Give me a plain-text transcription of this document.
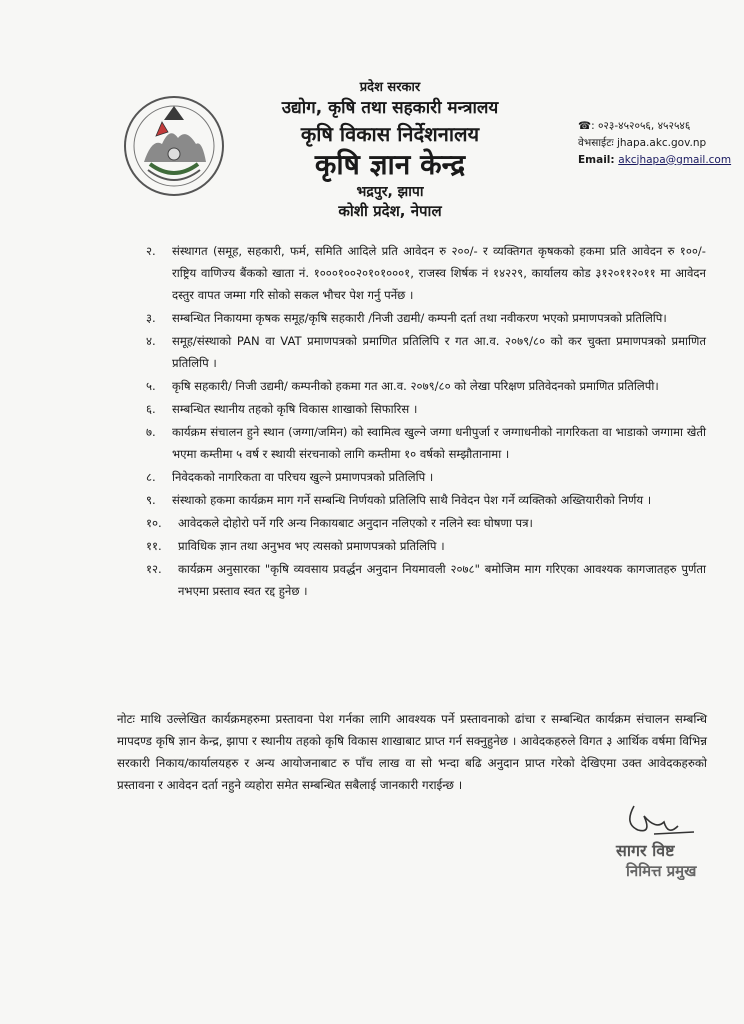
प्रदेश सरकार
उद्योग, कृषि तथा सहकारी मन्त्रालय
कृषि विकास निर्देशनालय
कृषि ज्ञान केन्द्र
भद्रपुर, झापा
कोशी प्रदेश, नेपाल
☎: ०२३-४५२०५६, ४५२५४६
वेभसाईटः jhapa.akc.gov.np
Email: akcjhapa@gmail.com
२.	संस्थागत (समूह, सहकारी, फर्म, समिति आदिले प्रति आवेदन रु २००/- र व्यक्तिगत कृषकको हकमा प्रति आवेदन रु १००/- राष्ट्रिय वाणिज्य बैंकको खाता नं. १०००१००२०१०१०००१, राजस्व शिर्षक नं १४२२९, कार्यालय कोड ३१२०११२०११ मा आवेदन दस्तुर वापत जम्मा गरि सोको सकल भौचर पेश गर्नु पर्नेछ ।
३.	सम्बन्धित निकायमा कृषक समूह/कृषि सहकारी /निजी उद्यमी/ कम्पनी दर्ता तथा नवीकरण भएको प्रमाणपत्रको प्रतिलिपि।
४.	समूह/संस्थाको PAN वा VAT प्रमाणपत्रको प्रमाणित प्रतिलिपि र गत आ.व. २०७९/८० को कर चुक्ता प्रमाणपत्रको प्रमाणित प्रतिलिपि ।
५.	कृषि सहकारी/ निजी उद्यमी/ कम्पनीको हकमा गत आ.व. २०७९/८० को लेखा परिक्षण प्रतिवेदनको प्रमाणित प्रतिलिपी।
६.	सम्बन्धित स्थानीय तहको कृषि विकास शाखाको सिफारिस ।
७.	कार्यक्रम संचालन हुने स्थान (जग्गा/जमिन) को स्वामित्व खुल्ने जग्गा धनीपुर्जा र जग्गाधनीको नागरिकता वा भाडाको जग्गामा खेती भएमा कम्तीमा ५ वर्ष र स्थायी संरचनाको लागि कम्तीमा १० वर्षको सम्झौतानामा ।
८.	निवेदकको नागरिकता वा परिचय खुल्ने प्रमाणपत्रको प्रतिलिपि ।
९.	संस्थाको हकमा कार्यक्रम माग गर्ने सम्बन्धि निर्णयको प्रतिलिपि साथै निवेदन पेश गर्ने व्यक्तिको अख्तियारीको निर्णय ।
१०.	आवेदकले दोहोरो पर्ने गरि अन्य निकायबाट अनुदान नलिएको र नलिने स्वः घोषणा पत्र।
११.	प्राविधिक ज्ञान तथा अनुभव भए त्यसको प्रमाणपत्रको प्रतिलिपि ।
१२.	कार्यक्रम अनुसारका "कृषि व्यवसाय प्रवर्द्धन अनुदान नियमावली २०७८" बमोजिम माग गरिएका आवश्यक कागजातहरु पुर्णता नभएमा प्रस्ताव स्वत रद्द हुनेछ ।
नोटः माथि उल्लेखित कार्यक्रमहरुमा प्रस्तावना पेश गर्नका लागि आवश्यक पर्ने प्रस्तावनाको ढांचा र सम्बन्धित कार्यक्रम संचालन सम्बन्धि मापदण्ड कृषि ज्ञान केन्द्र, झापा र स्थानीय तहको कृषि विकास शाखाबाट प्राप्त गर्न सक्नुहुनेछ । आवेदकहरुले विगत ३ आर्थिक वर्षमा विभिन्न सरकारी निकाय/कार्यालयहरु र अन्य आयोजनाबाट रु पाँच लाख वा सो भन्दा बढि अनुदान प्राप्त गरेको देखिएमा उक्त आवेदकहरुको प्रस्तावना र आवेदन दर्ता नहुने व्यहोरा समेत सम्बन्धित सबैलाई जानकारी गराईन्छ ।
सागर विष्ट
निमित्त प्रमुख
